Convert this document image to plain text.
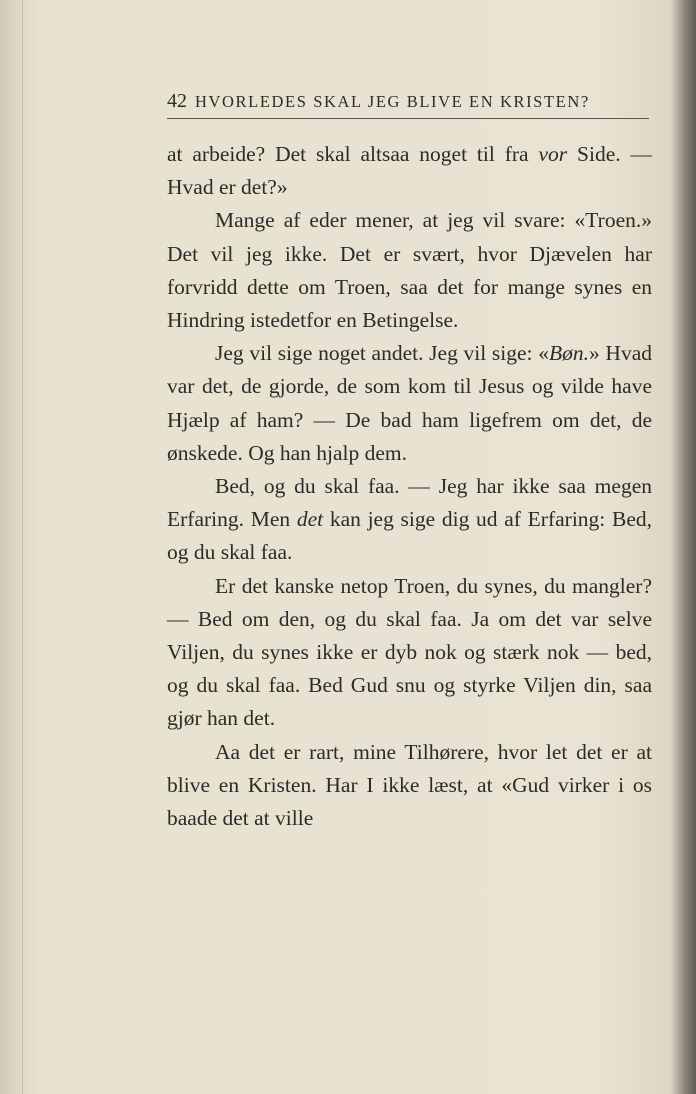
42 HVORLEDES SKAL JEG BLIVE EN KRISTEN?

at arbeide? Det skal altsaa noget til fra vor Side. — Hvad er det?»

Mange af eder mener, at jeg vil svare: «Troen.» Det vil jeg ikke. Det er svært, hvor Djævelen har forvridd dette om Troen, saa det for mange synes en Hindring istedetfor en Betingelse.

Jeg vil sige noget andet. Jeg vil sige: «Bøn.» Hvad var det, de gjorde, de som kom til Jesus og vilde have Hjælp af ham? — De bad ham ligefrem om det, de ønskede. Og han hjalp dem.

Bed, og du skal faa. — Jeg har ikke saa megen Erfaring. Men det kan jeg sige dig ud af Erfaring: Bed, og du skal faa.

Er det kanske netop Troen, du synes, du mangler? — Bed om den, og du skal faa. Ja om det var selve Viljen, du synes ikke er dyb nok og stærk nok — bed, og du skal faa. Bed Gud snu og styrke Viljen din, saa gjør han det.

Aa det er rart, mine Tilhørere, hvor let det er at blive en Kristen. Har I ikke læst, at «Gud virker i os baade det at ville
